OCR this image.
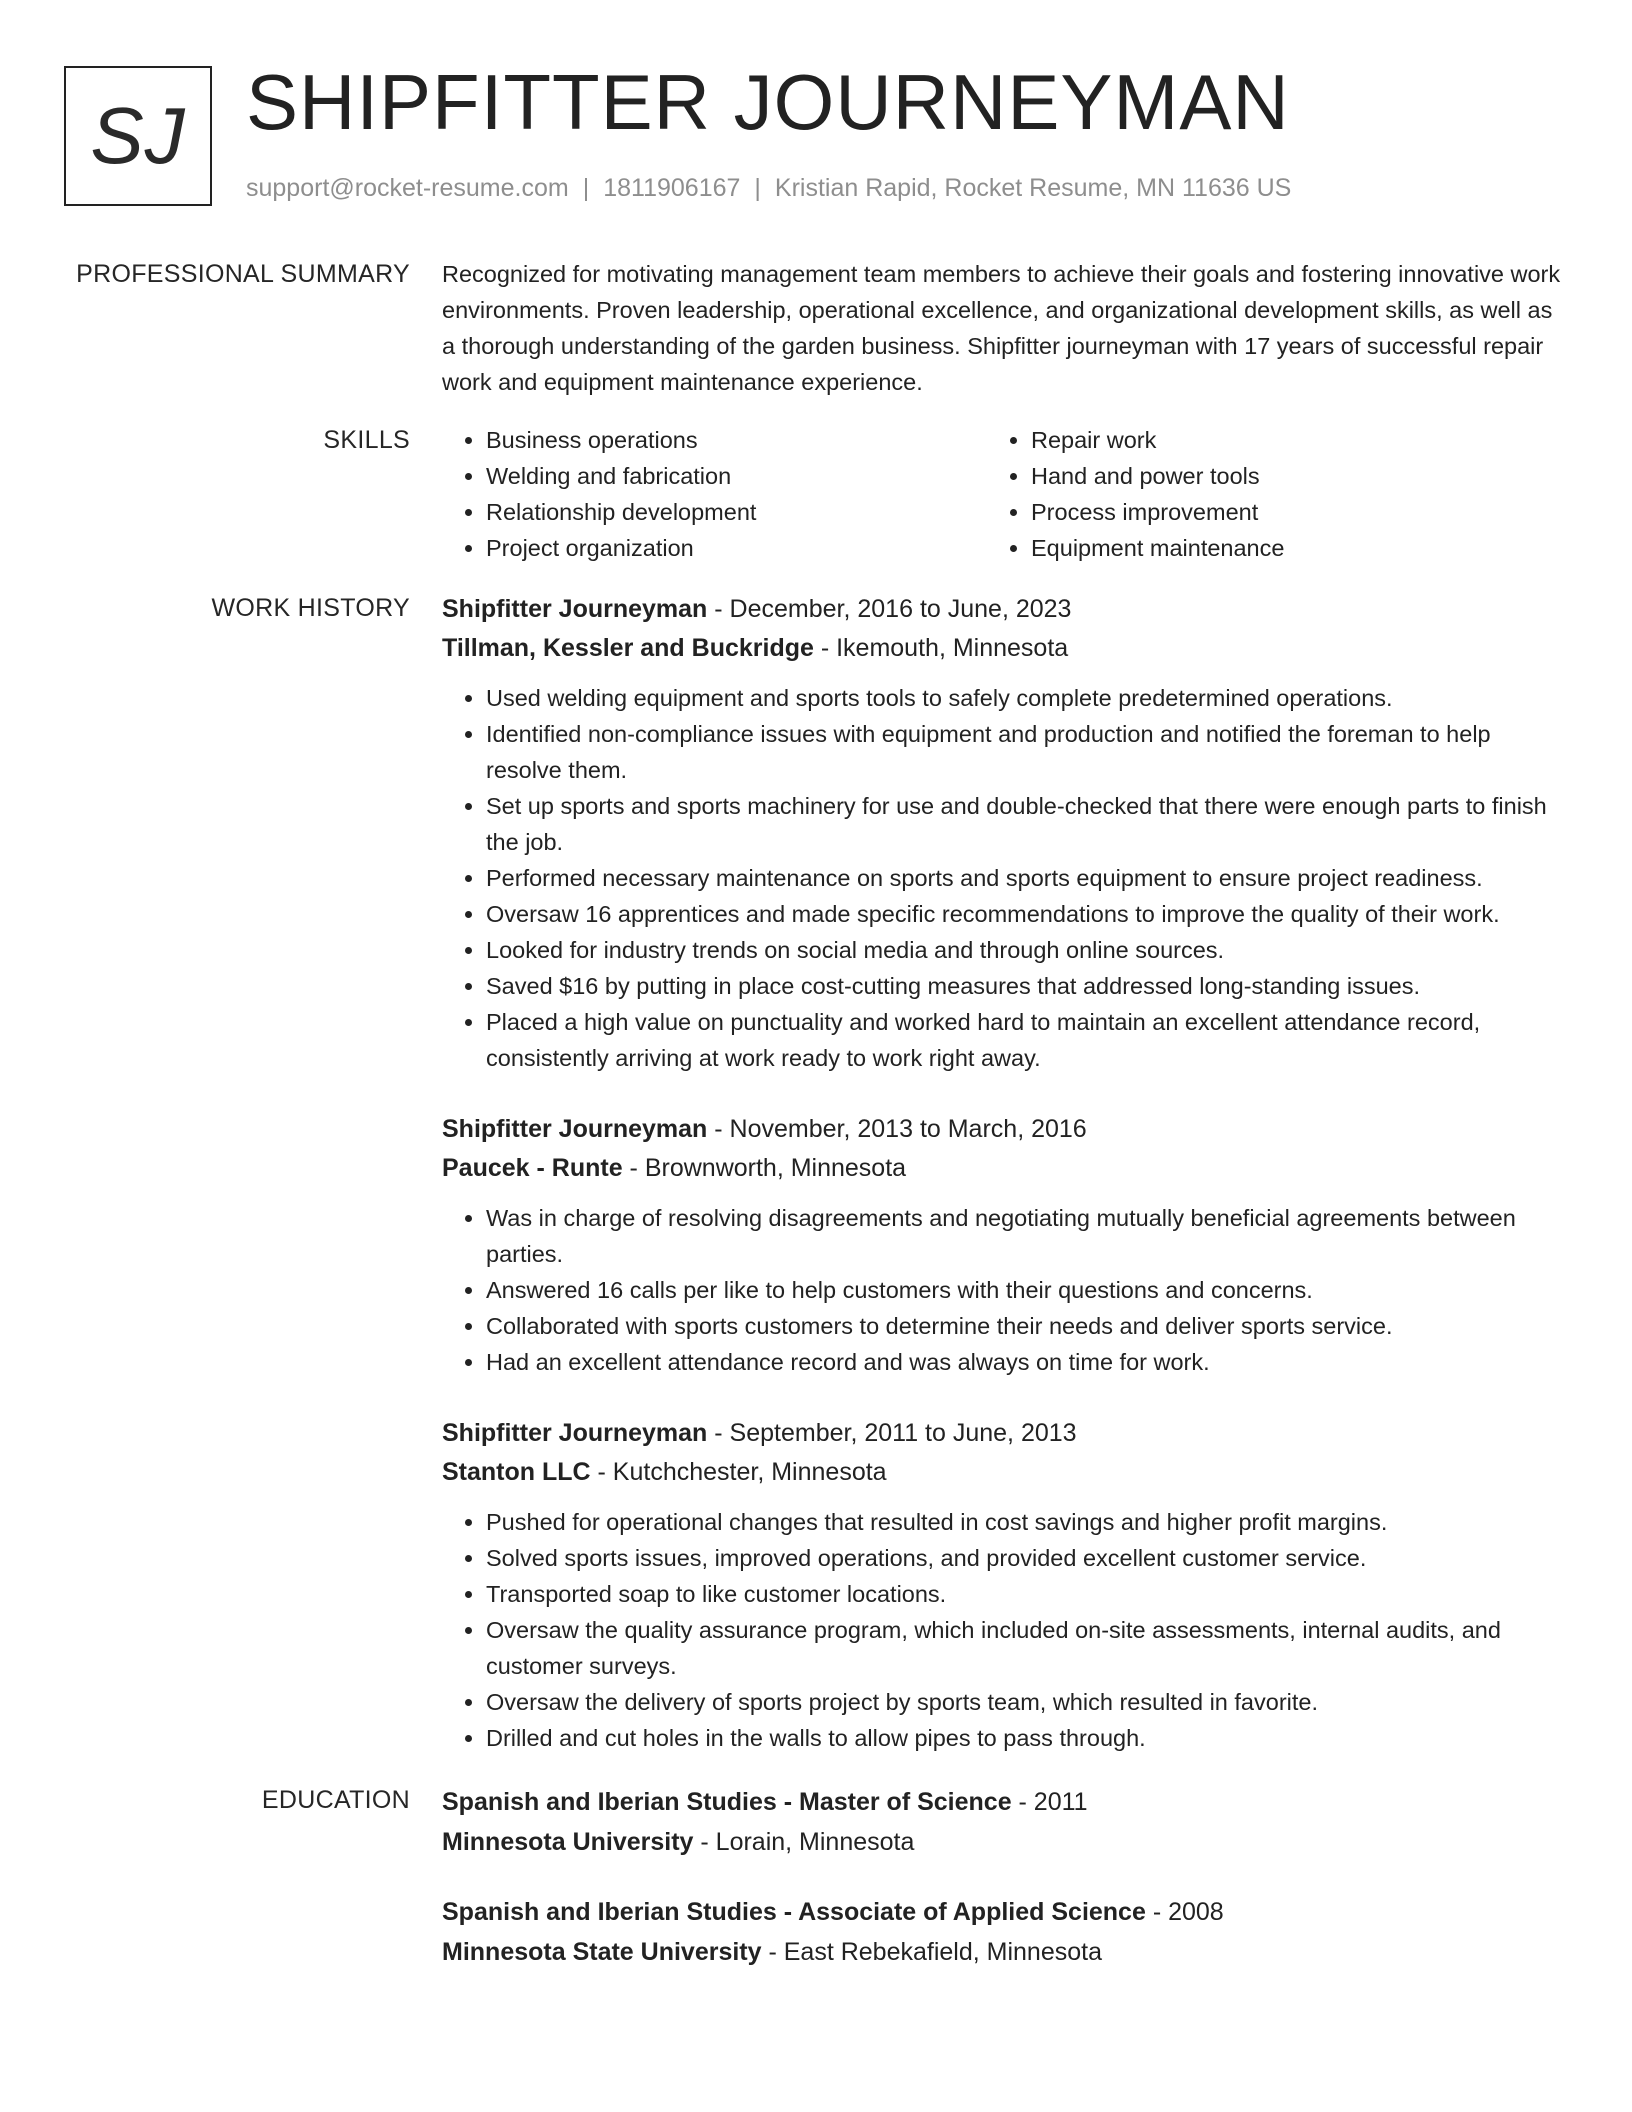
SJ SHIPFITTER JOURNEYMAN
support@rocket-resume.com | 1811906167 | Kristian Rapid, Rocket Resume, MN 11636 US
PROFESSIONAL SUMMARY Recognized for motivating management team members to achieve their goals and fostering innovative work environments. Proven leadership, operational excellence, and organizational development skills, as well as a thorough understanding of the garden business. Shipfitter journeyman with 17 years of successful repair work and equipment maintenance experience.

SKILLS
•	Business operations
• Welding and fabrication
• Relationship development
• Project organization
• Repair work
• Hand and power tools
• Process improvement
• Equipment maintenance
WORK HISTORY Shipfitter Journeyman - December, 2016 to June, 2023
Tillman, Kessler and Buckridge - Ikemouth, Minnesota
• Used welding equipment and sports tools to safely complete predetermined operations.
• Identified non-compliance issues with equipment and production and notified the foreman to help resolve them.
• Set up sports and sports machinery for use and double-checked that there were enough parts to finish the job.
• Performed necessary maintenance on sports and sports equipment to ensure project readiness.
• Oversaw 16 apprentices and made specific recommendations to improve the quality of their work.
• Looked for industry trends on social media and through online sources.
• Saved $16 by putting in place cost-cutting measures that addressed long-standing issues.
• Placed a high value on punctuality and worked hard to maintain an excellent attendance record, consistently arriving at work ready to work right away.
Shipfitter Journeyman - November, 2013 to March, 2016
Paucek - Runte - Brownworth, Minnesota
• Was in charge of resolving disagreements and negotiating mutually beneficial agreements between parties.
• Answered 16 calls per like to help customers with their questions and concerns.
• Collaborated with sports customers to determine their needs and deliver sports service.
• Had an excellent attendance record and was always on time for work.
Shipfitter Journeyman - September, 2011 to June, 2013
Stanton LLC - Kutchchester, Minnesota
• Pushed for operational changes that resulted in cost savings and higher profit margins.
• Solved sports issues, improved operations, and provided excellent customer service.
• Transported soap to like customer locations.
• Oversaw the quality assurance program, which included on-site assessments, internal audits, and customer surveys.
• Oversaw the delivery of sports project by sports team, which resulted in favorite.
• Drilled and cut holes in the walls to allow pipes to pass through.
EDUCATION Spanish and Iberian Studies - Master of Science - 2011
Minnesota University - Lorain, Minnesota
Spanish and Iberian Studies - Associate of Applied Science - 2008
Minnesota State University - East Rebekafield, Minnesota
